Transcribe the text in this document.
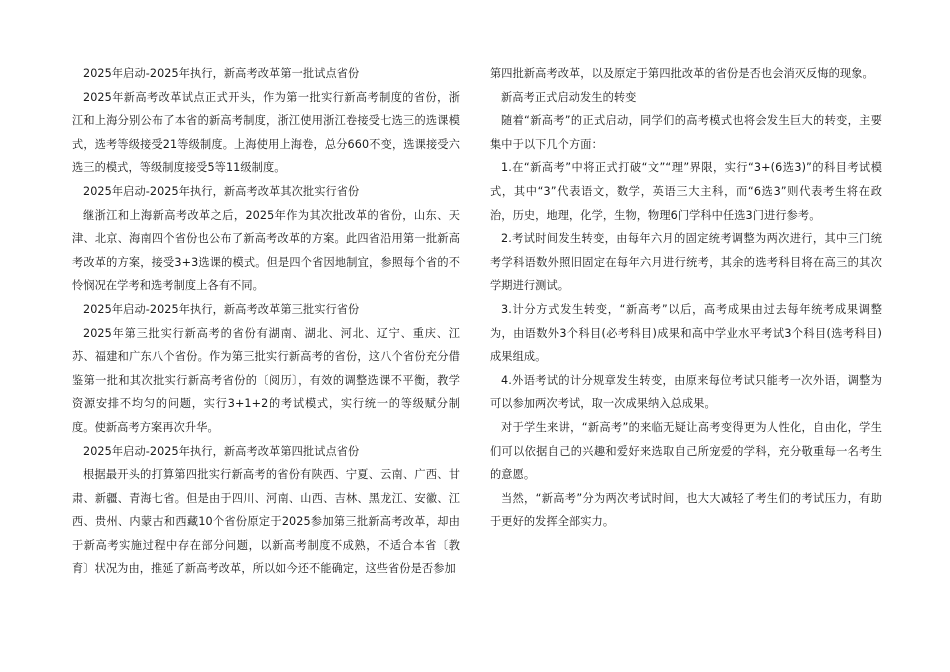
2025年启动-2025年执行，新高考改革第一批试点省份

2025年新高考改革试点正式开头，作为第一批实行新高考制度的省份，浙江和上海分别公布了本省的新高考制度，浙江使用浙江卷接受七选三的选课模式，选考等级接受21等级制度。上海使用上海卷，总分660不变，选课接受六选三的模式，等级制度接受5等11级制度。

2025年启动-2025年执行，新高考改革其次批实行省份

继浙江和上海新高考改革之后，2025年作为其次批改革的省份，山东、天津、北京、海南四个省份也公布了新高考改革的方案。此四省沿用第一批新高考改革的方案，接受3+3选课的模式。但是四个省因地制宜，参照每个省的不怜悯况在学考和选考制度上各有不同。

2025年启动-2025年执行，新高考改革第三批实行省份

2025年第三批实行新高考的省份有湖南、湖北、河北、辽宁、重庆、江苏、福建和广东八个省份。作为第三批实行新高考的省份，这八个省份充分借鉴第一批和其次批实行新高考省份的〔阅历〕，有效的调整选课不平衡，教学资源安排不均匀的问题，实行3+1+2的考试模式，实行统一的等级赋分制度。使新高考方案再次升华。

2025年启动-2025年执行，新高考改革第四批试点省份

根据最开头的打算第四批实行新高考的省份有陕西、宁夏、云南、广西、甘肃、新疆、青海七省。但是由于四川、河南、山西、吉林、黑龙江、安徽、江西、贵州、内蒙古和西藏10个省份原定于2025参加第三批新高考改革，却由于新高考实施过程中存在部分问题，以新高考制度不成熟，不适合本省〔教育〕状况为由，推延了新高考改革，所以如今还不能确定，这些省份是否参加

第四批新高考改革，以及原定于第四批改革的省份是否也会消灭反悔的现象。

新高考正式启动发生的转变

随着“新高考”的正式启动，同学们的高考模式也将会发生巨大的转变，主要集中于以下几个方面：

1.在“新高考”中将正式打破“文”“理”界限，实行“3+(6选3)”的科目考试模式，其中“3”代表语文，数学，英语三大主科，而“6选3”则代表考生将在政治，历史，地理，化学，生物，物理6门学科中任选3门进行参考。

2.考试时间发生转变，由每年六月的固定统考调整为两次进行，其中三门统考学科语数外照旧固定在每年六月进行统考，其余的选考科目将在高三的其次学期进行测试。

3.计分方式发生转变，“新高考”以后，高考成果由过去每年统考成果调整为，由语数外3个科目(必考科目)成果和高中学业水平考试3个科目(选考科目)成果组成。

4.外语考试的计分规章发生转变，由原来每位考试只能考一次外语，调整为可以参加两次考试，取一次成果纳入总成果。

对于学生来讲，“新高考”的来临无疑让高考变得更为人性化，自由化，学生们可以依据自己的兴趣和爱好来选取自己所宠爱的学科，充分敬重每一名考生的意愿。

当然，“新高考”分为两次考试时间，也大大减轻了考生们的考试压力，有助于更好的发挥全部实力。
